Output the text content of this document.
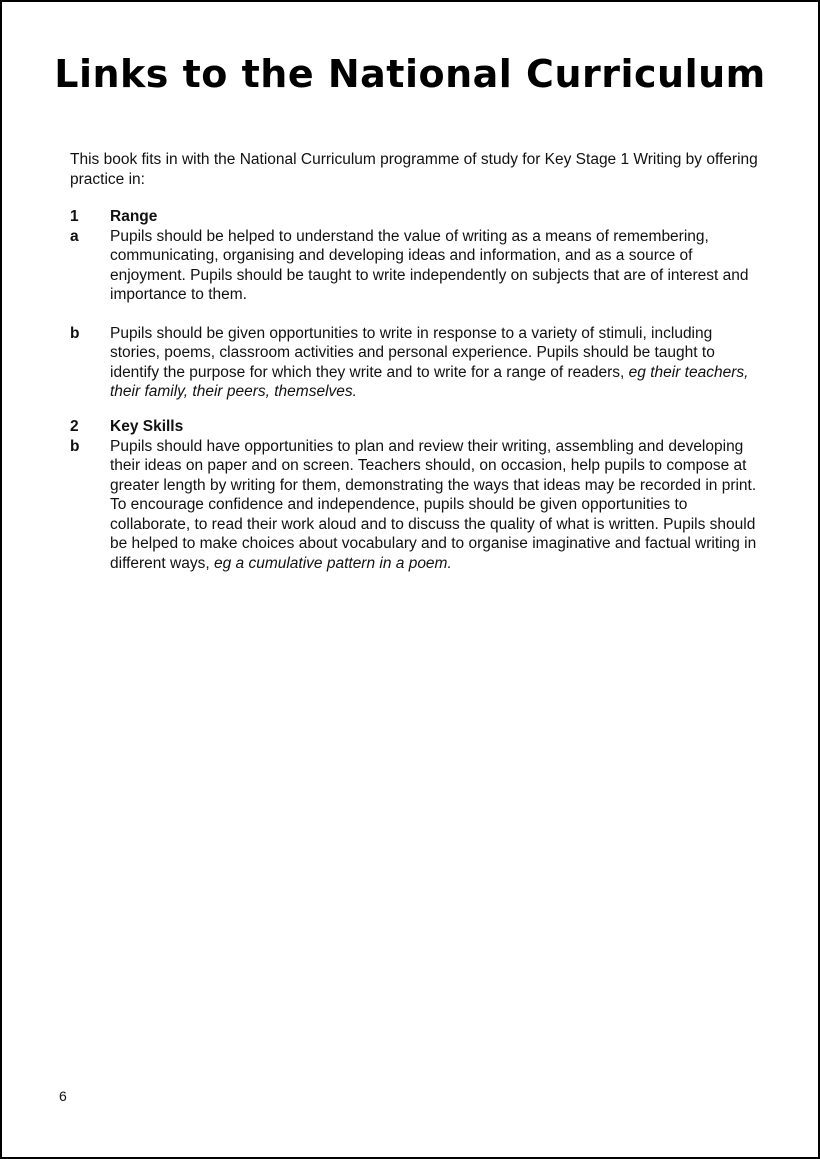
Links to the National Curriculum

This book fits in with the National Curriculum programme of study for Key Stage 1 Writing by offering practice in:

1	Range
a	Pupils should be helped to understand the value of writing as a means of remembering, communicating, organising and developing ideas and information, and as a source of enjoyment. Pupils should be taught to write independently on subjects that are of interest and importance to them.
b	Pupils should be given opportunities to write in response to a variety of stimuli, including stories, poems, classroom activities and personal experience. Pupils should be taught to identify the purpose for which they write and to write for a range of readers, eg their teachers, their family, their peers, themselves.
2	Key Skills
b	Pupils should have opportunities to plan and review their writing, assembling and developing their ideas on paper and on screen. Teachers should, on occasion, help pupils to compose at greater length by writing for them, demonstrating the ways that ideas may be recorded in print. To encourage confidence and independence, pupils should be given opportunities to collaborate, to read their work aloud and to discuss the quality of what is written. Pupils should be helped to make choices about vocabulary and to organise imaginative and factual writing in different ways, eg a cumulative pattern in a poem.
6
